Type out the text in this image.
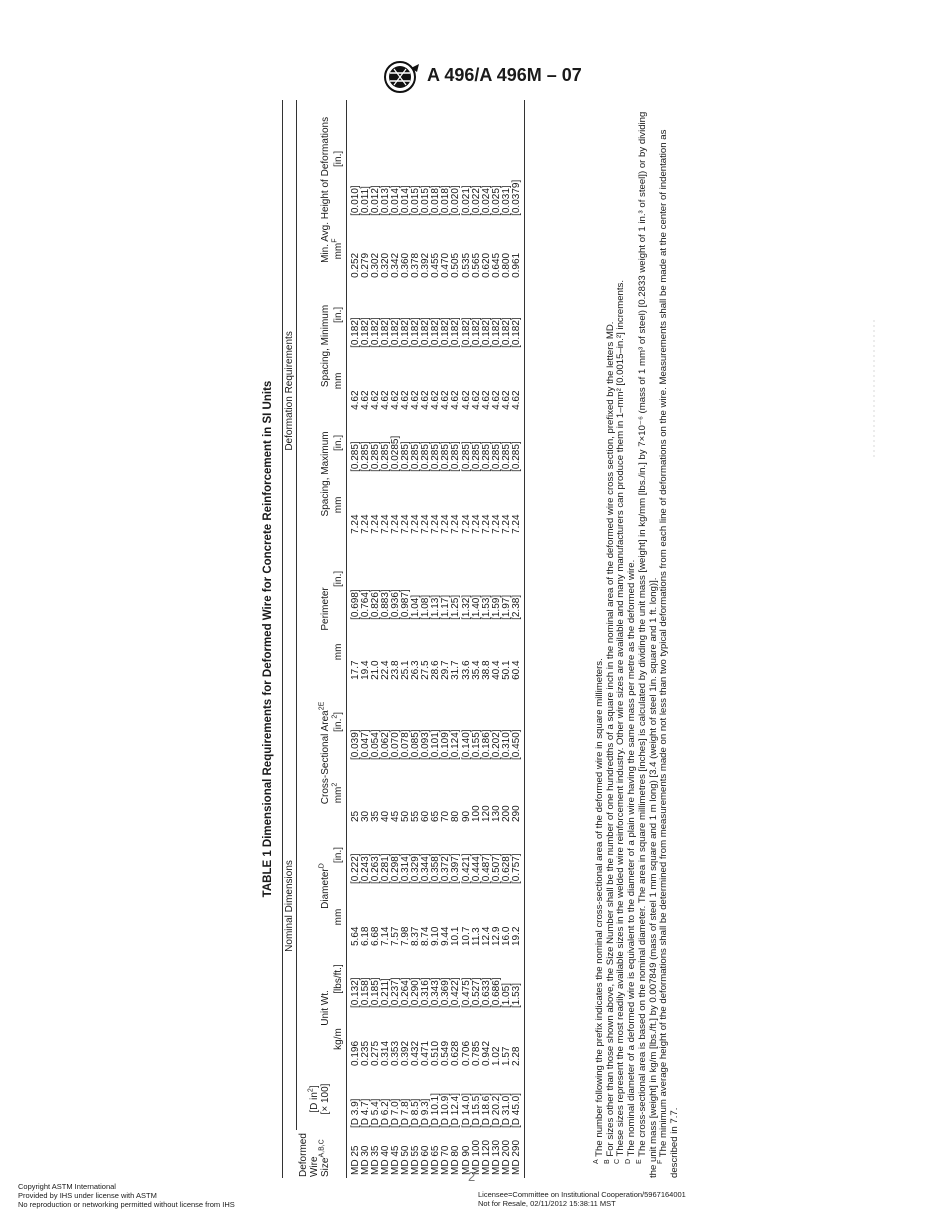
A 496/A 496M – 07
TABLE 1 Dimensional Requirements for Deformed Wire for Concrete Reinforcement in SI Units
	Nominal Dimensions							Deformation Requirements							
Deformed Wire Size$^{A,B,C}$	[D $in^2$]
[× 100]	Unit Wt.		Diameter$^D$		Cross-Sectional Area$^{2E}$		Perimeter		Spacing, Maximum		Spacing, Minimum		Min. Avg. Height of Deformations	
		kg/m	[lbs/ft.]	mm	[in.]	$mm^2$	[in.$^2$]	mm	[in.]	mm	[in.]	mm	[in.]	$mm^F$	[in.]
MD 25	[D 3.9]	0.196	[0.132]	5.64	[0.222]	25	[0.039]	17.7	[0.698]	7.24	[0.285]	4.62	[0.182]	0.252	[0.010]
MD 30	[D 4.7]	0.235	[0.158]	6.18	[0.243]	30	[0.047]	19.4	[0.764]	7.24	[0.285]	4.62	[0.182]	0.279	[0.011]
MD 35	[D 5.4]	0.275	[0.185]	6.68	[0.263]	35	[0.054]	21.0	[0.826]	7.24	[0.285]	4.62	[0.182]	0.302	[0.012]
MD 40	[D 6.2]	0.314	[0.211]	7.14	[0.281]	40	[0.062]	22.4	[0.883]	7.24	[0.285]	4.62	[0.182]	0.320	[0.013]
MD 45	[D 7.0]	0.353	[0.237]	7.57	[0.298]	45	[0.070]	23.8	[0.936]	7.24	[0.0285]	4.62	[0.182]	0.342	[0.014]
MD 50	[D 7.8]	0.392	[0.264]	7.98	[0.314]	50	[0.078]	25.1	[0.987]	7.24	[0.285]	4.62	[0.182]	0.360	[0.014]
MD 55	[D 8.5]	0.432	[0.290]	8.37	[0.329]	55	[0.085]	26.3	[1.04]	7.24	[0.285]	4.62	[0.182]	0.378	[0.015]
MD 60	[D 9.3]	0.471	[0.316]	8.74	[0.344]	60	[0.093]	27.5	[1.08]	7.24	[0.285]	4.62	[0.182]	0.392	[0.015]
MD 65	[D 10.1]	0.510	[0.343]	9.10	[0.358]	65	[0.101]	28.6	[1.13]	7.24	[0.285]	4.62	[0.182]	0.455	[0.018]
MD 70	[D 10.9]	0.549	[0.369]	9.44	[0.372]	70	[0.109]	29.7	[1.17]	7.24	[0.285]	4.62	[0.182]	0.470	[0.018]
MD 80	[D 12.4]	0.628	[0.422]	10.1	[0.397]	80	[0.124]	31.7	[1.25]	7.24	[0.285]	4.62	[0.182]	0.505	[0.020]
MD 90	[D 14.0]	0.706	[0.475]	10.7	[0.421]	90	[0.140]	33.6	[1.32]	7.24	[0.285]	4.62	[0.182]	0.535	[0.021]
MD 100	[D 15.5]	0.785	[0.527]	11.3	[0.444]	100	[0.155]	35.4	[1.40]	7.24	[0.285]	4.62	[0.182]	0.565	[0.022]
MD 120	[D 18.6]	0.942	[0.633]	12.4	[0.487]	120	[0.186]	38.8	[1.53]	7.24	[0.285]	4.62	[0.182]	0.620	[0.024]
MD 130	[D 20.2]	1.02	[0.686]	12.9	[0.507]	130	[0.202]	40.4	[1.59]	7.24	[0.285]	4.62	[0.182]	0.645	[0.025]
MD 200	[D 31.0]	1.57	[1.05]	16.0	[0.628]	200	[0.310]	50.1	[1.97]	7.24	[0.285]	4.62	[0.182]	0.800	[0.031]
MD 290	[D 45.0]	2.28	[1.53]	19.2	[0.757]	290	[0.450]	60.4	[2.38]	7.24	[0.285]	4.62	[0.182]	0.961	[0.0379]

$^A$ The number following the prefix indicates the nominal cross-sectional area of the deformed wire in square millimeters.

$^B$ For sizes other than those shown above, the Size Number shall be the number of one hundredths of a square inch in the nominal area of the deformed wire cross section, prefixed by the letters MD.

$^C$ These sizes represent the most readily available sizes in the welded wire reinforcement industry. Other wire sizes are available and many manufacturers can produce them in 1–mm² [0.0015–in.²] increments.

$^D$ The nominal diameter of a deformed wire is equivalent to the diameter of a plain wire having the same mass per metre as the deformed wire.

$^E$ The cross-sectional area is based on the nominal diameter. The area in square millimetres [inches] is calculated by dividing the unit mass [weight] in kg/mm [lbs./in.] by 7×10⁻⁶ (mass of 1 mm³ of steel) [0.2833 weight of 1 in.³ of steel]) or by dividing the unit mass [weight] in kg/m [lbs./ft.] by 0.007849 (mass of steel 1 mm square and 1 m long) [3.4 (weight of steel 1in. square and 1 ft. long)].

$^F$ The minimum average height of the deformations shall be determined from measurements made on not less than two typical deformations from each line of deformations on the wire. Measurements shall be made at the center of indentation as described in 7.7.

2
Copyright ASTM International
Provided by IHS under license with ASTM
No reproduction or networking permitted without license from IHS
Licensee=Committee on Institutional Cooperation/5967164001
Not for Resale, 02/11/2012 15:38:11 MST
